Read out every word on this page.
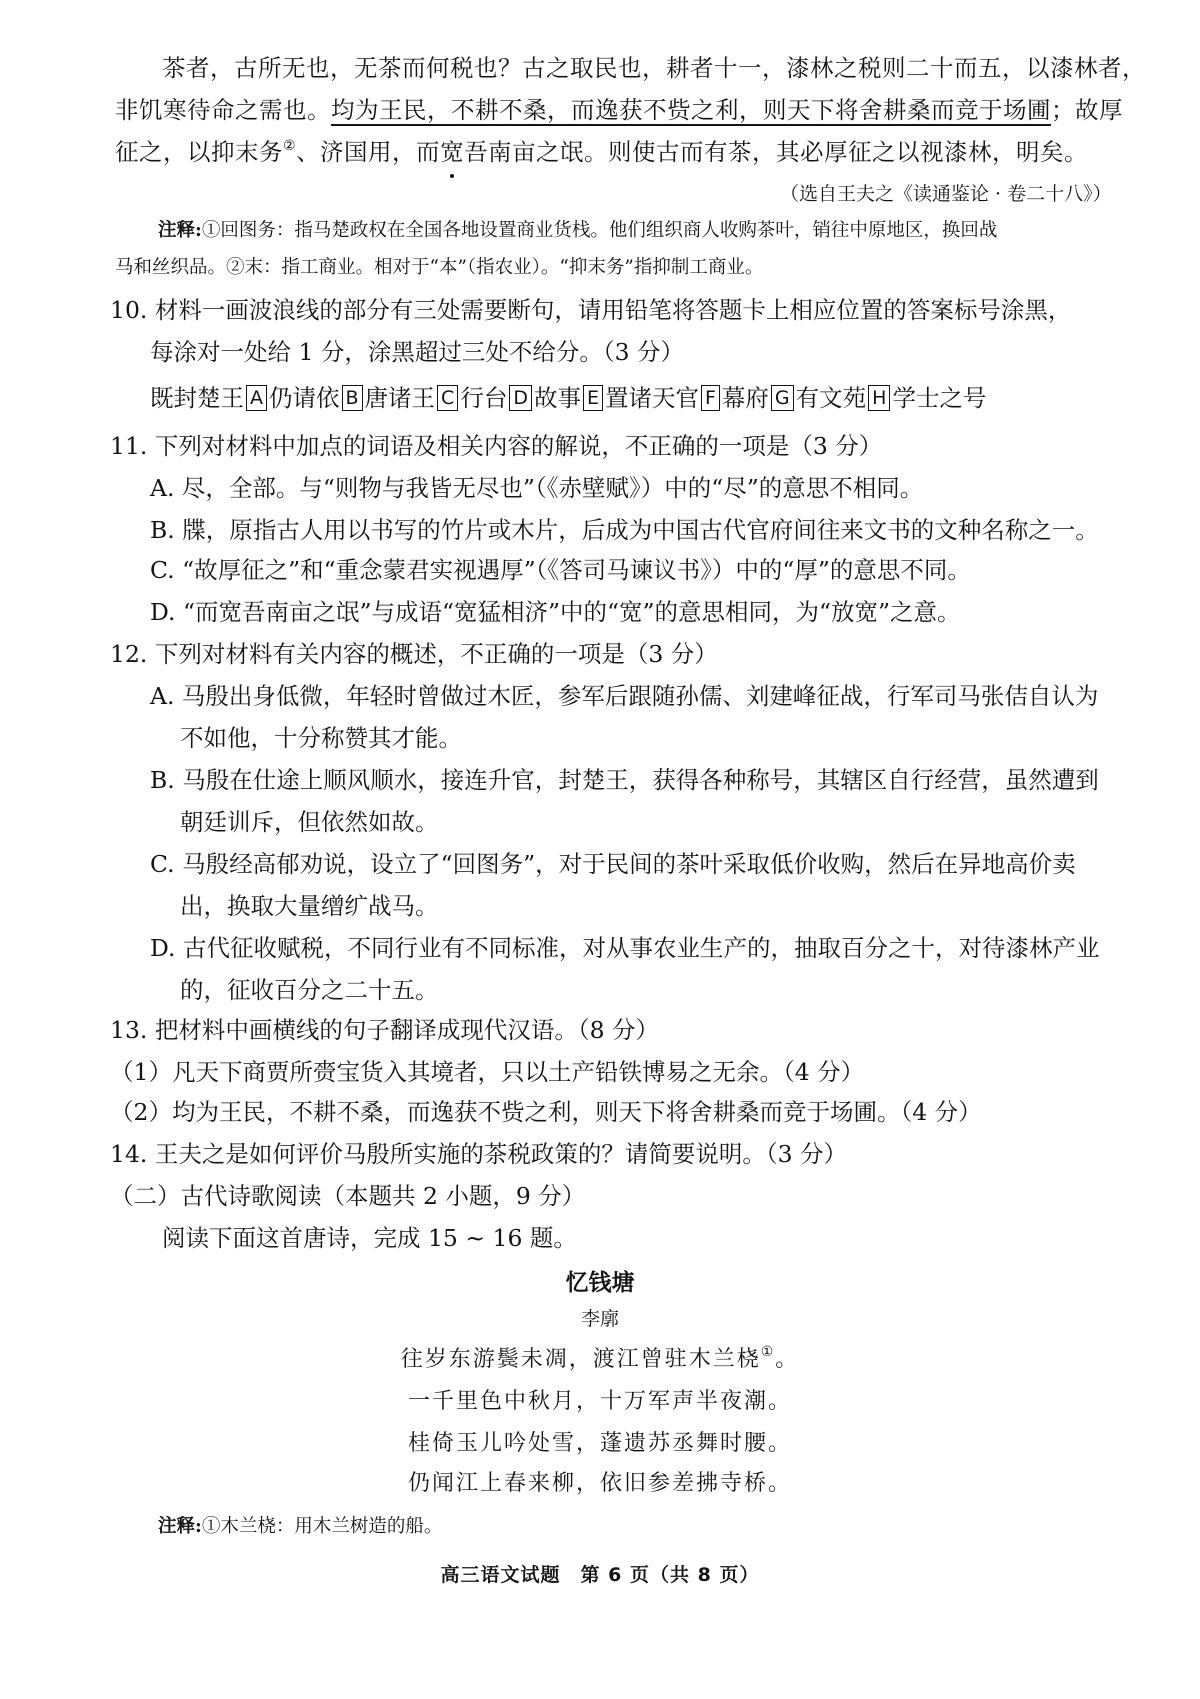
茶者，古所无也，无茶而何税也？古之取民也，耕者十一，漆林之税则二十而五，以漆林者，
非饥寒待命之需也。均为王民，不耕不桑，而逸获不赀之利，则天下将舍耕桑而竞于场圃；故厚
征之，以抑末务②、济国用，而宽
吾南亩之氓。则使古而有茶，其必厚征之以视漆林，明矣。
（选自王夫之《读通鉴论 · 卷二十八》）
注释:①回图务：指马楚政权在全国各地设置商业货栈。他们组织商人收购茶叶，销往中原地区，换回战
马和丝织品。②末：指工商业。相对于“本”（指农业）。“抑末务”指抑制工商业。
10. 材料一画波浪线的部分有三处需要断句，请用铅笔将答题卡上相应位置的答案标号涂黑，
每涂对一处给 1 分，涂黑超过三处不给分。（3 分）
既封楚王 A 仍请依 B 唐诸王 C 行台 D 故事 E 置诸天官 F 幕府 G 有文苑 H 学士之号
11. 下列对材料中加点的词语及相关内容的解说，不正确的一项是（3 分）
A. 尽，全部。与“则物与我皆无尽也”（《赤壁赋》）中的“尽”的意思不相同。
B. 牒，原指古人用以书写的竹片或木片，后成为中国古代官府间往来文书的文种名称之一。
C. “故厚征之”和“重念蒙君实视遇厚”（《答司马谏议书》）中的“厚”的意思不同。
D. “而宽吾南亩之氓”与成语“宽猛相济”中的“宽”的意思相同，为“放宽”之意。
12. 下列对材料有关内容的概述，不正确的一项是（3 分）
A. 马殷出身低微，年轻时曾做过木匠，参军后跟随孙儒、刘建峰征战，行军司马张佶自认为
不如他，十分称赞其才能。
B. 马殷在仕途上顺风顺水，接连升官，封楚王，获得各种称号，其辖区自行经营，虽然遭到
朝廷训斥，但依然如故。
C. 马殷经高郁劝说，设立了“回图务”，对于民间的茶叶采取低价收购，然后在异地高价卖
出，换取大量缯纩战马。
D. 古代征收赋税，不同行业有不同标准，对从事农业生产的，抽取百分之十，对待漆林产业
的，征收百分之二十五。
13. 把材料中画横线的句子翻译成现代汉语。（8 分）
（1）凡天下商贾所赍宝货入其境者，只以土产铅铁博易之无余。（4 分）
（2）均为王民，不耕不桑，而逸获不赀之利，则天下将舍耕桑而竞于场圃。（4 分）
14. 王夫之是如何评价马殷所实施的茶税政策的？请简要说明。（3 分）
（二）古代诗歌阅读（本题共 2 小题，9 分）
阅读下面这首唐诗，完成 15 ~ 16 题。
忆钱塘
李廓
往岁东游鬓未凋，渡江曾驻木兰桡①。
一千里色中秋月，十万军声半夜潮。
桂倚玉儿吟处雪，蓬遗苏丞舞时腰。
仍闻江上春来柳，依旧参差拂寺桥。
注释:①木兰桡：用木兰树造的船。
高三语文试题　第 6 页（共 8 页）
